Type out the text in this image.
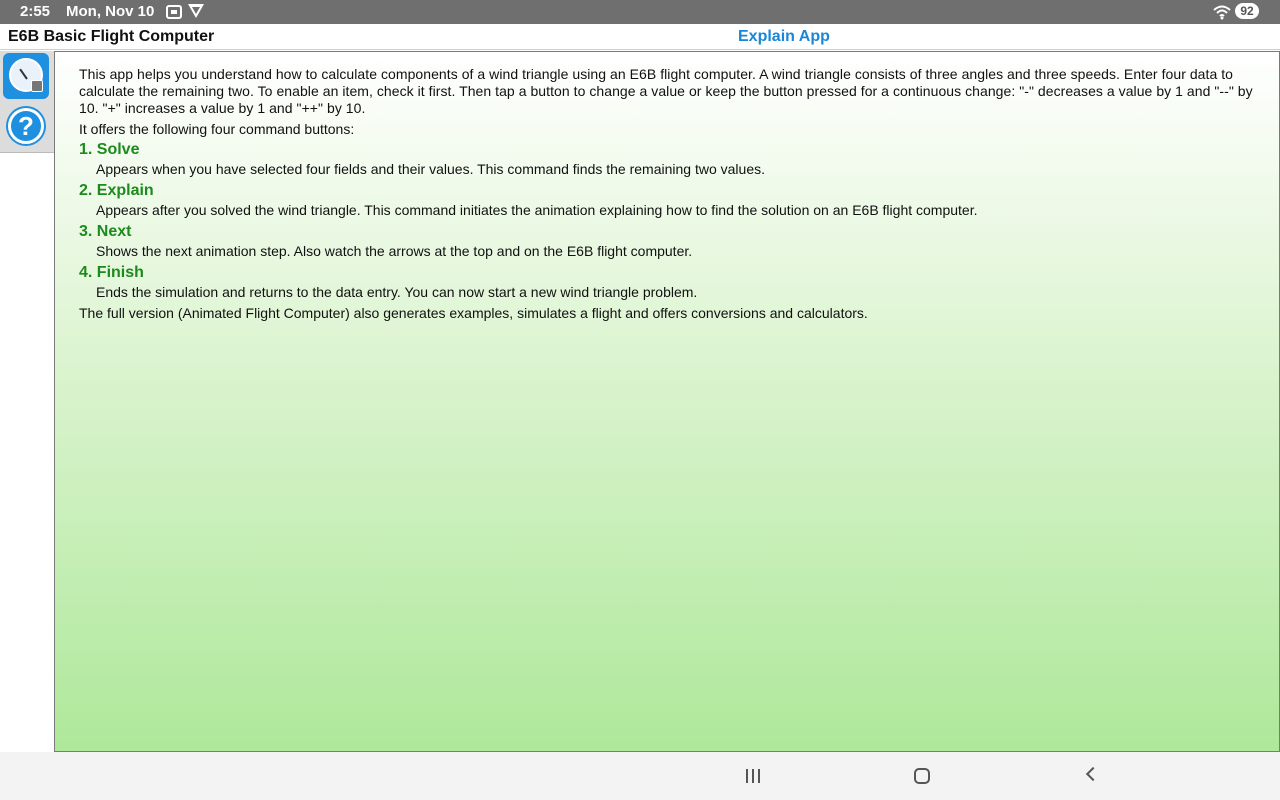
2:55 Mon, Nov 10	92
E6B Basic Flight Computer	Explain App
?

This app helps you understand how to calculate components of a wind triangle using an E6B flight computer. A wind triangle consists of three angles and three speeds. Enter four data to calculate the remaining two. To enable an item, check it first. Then tap a button to change a value or keep the button pressed for a continuous change: "-" decreases a value by 1 and "--" by 10. "+" increases a value by 1 and "++" by 10.

It offers the following four command buttons:

1. Solve
Appears when you have selected four fields and their values. This command finds the remaining two values.
2. Explain
Appears after you solved the wind triangle. This command initiates the animation explaining how to find the solution on an E6B flight computer.
3. Next
Shows the next animation step. Also watch the arrows at the top and on the E6B flight computer.
4. Finish
Ends the simulation and returns to the data entry. You can now start a new wind triangle problem.

The full version (Animated Flight Computer) also generates examples, simulates a flight and offers conversions and calculators.
